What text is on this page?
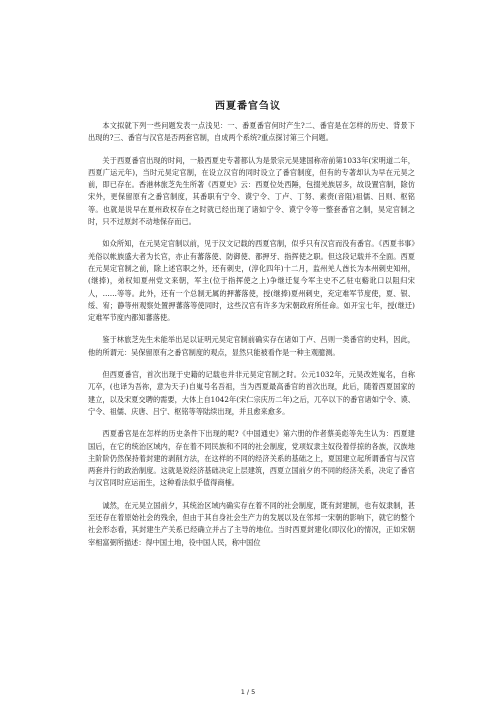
西夏番官刍议

本文拟就下列一些问题发表一点浅见：一、番夏番官何时产生?二、番官是在怎样的历史、背景下出现的?三、番官与汉官是否两套官制，自成两个系统?重点探讨第三个问题。

关于西夏番官出现的时间，一般西夏史专著都认为是景宗元昊建国称帝前第1033年(宋明道二年，西夏广运元年)，当时元昊定官制，在设立汉官的同时设立了番官制度，但有的专著却认为早在元昊之前，即已存在。香港林旅芝先生所著《西夏史》云：西夏位处西陲，包掇羌族居多，故设置官制，除仿宋外，更保留原有之番官制度，其番职有宁令、谟宁令、丁卢、丁努、素赍(音阻)祖儒、吕则、枢铭等。也就是说早在夏州政权存在之时就已经出现了诸如宁令、谟宁令等一整套番官之制，昊定官制之时，只不过原封不动地保存而已。

如众所知，在元昊定官制以前，见于汉文记载的西夏官制，似乎只有汉官而没有番官。《西夏书事》羌俗以帐族盛大者为长官，亦止有蕃落使、防御使、都押牙、指挥使之职。但这段记载并不全面。西夏在元昊定官制之前，除上述官职之外，还有刺史，(淳化四年)十二月，监州羌人酋长为本州刺史知州，(继捧)，弟权知夏州党文来朝，军主(位于指挥使之上)争继迁复今军主史不乙驻屯谿讹口以阻归宋人，……等等。此外，还有一个总制无属的押蕃落使，授(继捧)夏州刺史，充定难军节度使，夏、银、绥、宥；静等州观察处置押蕃落等使同时，这些汉官有许多为宋朝政府所任命。如开宝七年，授(继迁)定难军节度内都知蕃落使。

鉴于林旅芝先生未能举出足以证明元昊定官制前确实存在诸如丁卢、吕则一类番官的史料，因此，他的所谓元：吴保留原有之番官制度的观点，显然只能被看作是一种主观臆测。

但西夏番官，首次出现于史籍的记载也并非元昊定官制之时。公元1032年，元昊改姓嵬名，自称兀卒，(也译为吾祢，意为天子)自嵬号名吾祖，当为西夏最高番官的首次出现，此后，随着西夏国家的建立，以及宋夏交聘的需要，大体上自1042年(宋仁宗庆历二年)之后，兀卒以下的番官诸如宁令、谟、宁令、祖儒、庆唐、吕宁、枢铭等等陆续出现，并且愈来愈多。

西夏番官是在怎样的历史条件下出现的呢?《中国通史》第六册的作者蔡美彪等先生认为：西夏建国后，在它的统治区域内，存在着不同民族和不同的社会制度，党项奴隶主奴役着俘掠的各族，汉族地主阶阶仍然保持着封建的剥削方法，在这样的不同的经济关系的基础之上，夏国建立起所谓番官与汉官两套并行的政治制度。这就是说经济基础决定上层建筑，西夏立国前夕的不同的经济关系，决定了番官与汉官同时应运而生，这种看法似乎值得商榷。

诚然，在元昊立国前夕，其统治区域内确实存在着不同的社会制度，既有封建制，也有奴隶制，甚至还存在着原始社会的残余，但由于其自身社会生产力的发展以及在邻邦一宋朝的影响下，就它的整个社会形态看，其封建生产关系已经确立并占了主导的地位。当时西夏封建化(即汉化)的情况，正如宋朝宰相富弼所描述：得中国土地，役中国人民，称中国位

1 / 5
